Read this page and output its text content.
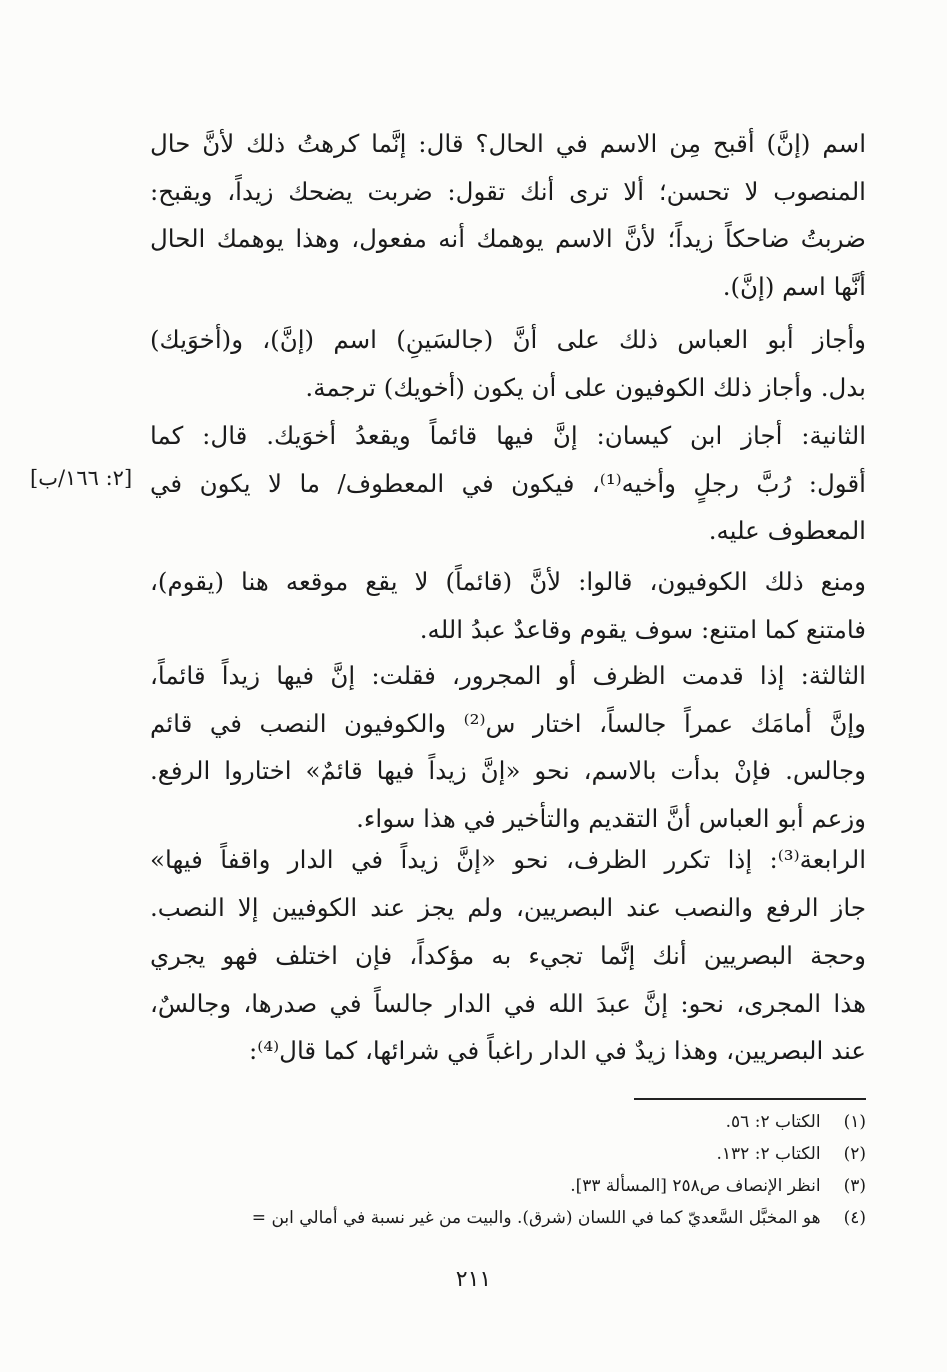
اسم (إنَّ) أقبح مِن الاسم في الحال؟ قال: إنَّما كرهتُ ذلك لأنَّ حال
المنصوب لا تحسن؛ ألا ترى أنك تقول: ضربت يضحك زيداً، ويقبح:
ضربتُ ضاحكاً زيداً؛ لأنَّ الاسم يوهمك أنه مفعول، وهذا يوهمك الحال
أنَّها اسم (إنَّ).
وأجاز أبو العباس ذلك على أنَّ (جالسَينِ) اسم (إنَّ)، و(أخوَيك)
بدل. وأجاز ذلك الكوفيون على أن يكون (أخويك) ترجمة.
الثانية: أجاز ابن كيسان: إنَّ فيها قائماً ويقعدُ أخوَيك. قال: كما
أقول: رُبَّ رجلٍ وأخيه⁽¹⁾، فيكون في المعطوف/ ما لا يكون في
المعطوف عليه.
ومنع ذلك الكوفيون، قالوا: لأنَّ (قائماً) لا يقع موقعه هنا (يقوم)،
فامتنع كما امتنع: سوف يقوم وقاعدٌ عبدُ الله.
الثالثة: إذا قدمت الظرف أو المجرور، فقلت: إنَّ فيها زيداً قائماً،
وإنَّ أمامَك عمراً جالساً، اختار س⁽²⁾ والكوفيون النصب في قائم
وجالس. فإنْ بدأت بالاسم، نحو «إنَّ زيداً فيها قائمٌ» اختاروا الرفع.
وزعم أبو العباس أنَّ التقديم والتأخير في هذا سواء.
الرابعة⁽³⁾: إذا تكرر الظرف، نحو «إنَّ زيداً في الدار واقفاً فيها»
جاز الرفع والنصب عند البصريين، ولم يجز عند الكوفيين إلا النصب.
وحجة البصريين أنك إنَّما تجيء به مؤكداً، فإن اختلف فهو يجري
هذا المجرى، نحو: إنَّ عبدَ الله في الدار جالساً في صدرها، وجالسٌ،
عند البصريين، وهذا زيدٌ في الدار راغباً في شرائها، كما قال⁽⁴⁾:
[٢: ١٦٦/ب]
(١) الكتاب ٢: ٥٦.
(٢) الكتاب ٢: ١٣٢.
(٣) انظر الإنصاف ص٢٥٨ [المسألة ٣٣].
(٤) هو المخبَّل السَّعديّ كما في اللسان (شرق). والبيت من غير نسبة في أمالي ابن =
٢١١
